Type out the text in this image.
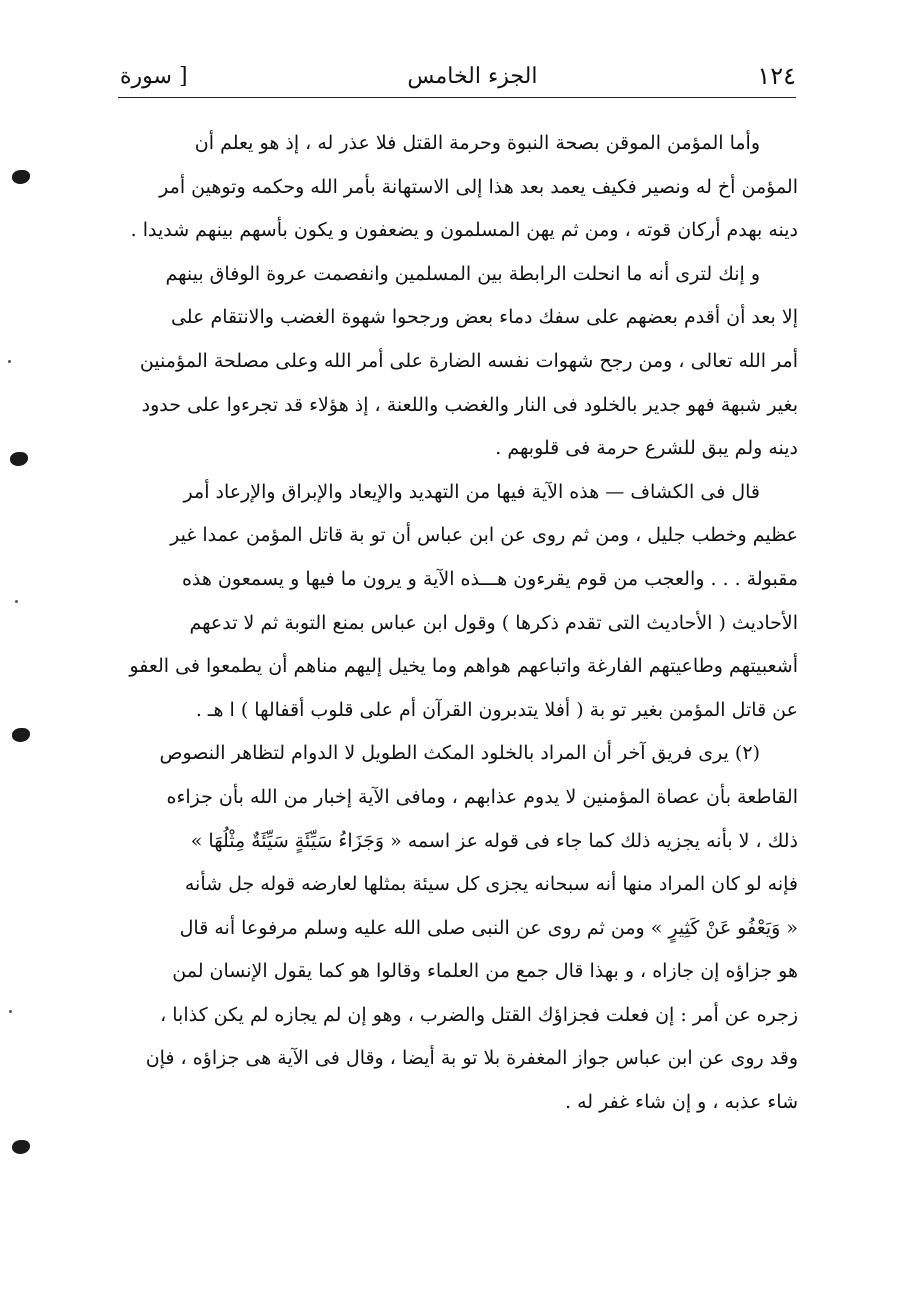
١٢٤
الجزء الخامس
[ سورة
وأما المؤمن الموقن بصحة النبوة وحرمة القتل فلا عذر له ، إذ هو يعلم أن
المؤمن أخ له ونصير فكيف يعمد بعد هذا إلى الاستهانة بأمر الله وحكمه وتوهين أمر
دينه بهدم أركان قوته ، ومن ثم يهن المسلمون و يضعفون و يكون بأسهم بينهم شديدا .
و إنك لترى أنه ما انحلت الرابطة بين المسلمين وانفصمت عروة الوفاق بينهم
إلا بعد أن أقدم بعضهم على سفك دماء بعض ورجحوا شهوة الغضب والانتقام على
أمر الله تعالى ، ومن رجح شهوات نفسه الضارة على أمر الله وعلى مصلحة المؤمنين
بغير شبهة فهو جدير بالخلود فى النار والغضب واللعنة ، إذ هؤلاء قد تجرءوا على حدود
دينه ولم يبق للشرع حرمة فى قلوبهم .
قال فى الكشاف — هذه الآية فيها من التهديد والإيعاد والإبراق والإرعاد أمر
عظيم وخطب جليل ، ومن ثم روى عن ابن عباس أن تو بة قاتل المؤمن عمدا غير
مقبولة . . . والعجب من قوم يقرءون هـــذه الآية و يرون ما فيها و يسمعون هذه
الأحاديث ( الأحاديث التى تقدم ذكرها ) وقول ابن عباس بمنع التوبة ثم لا تدعهم
أشعبيتهم وطاعيتهم الفارغة واتباعهم هواهم وما يخيل إليهم مناهم أن يطمعوا فى العفو
عن قاتل المؤمن بغير تو بة ( أفلا يتدبرون القرآن أم على قلوب أقفالها ) ا هـ .
(٢) يرى فريق آخر أن المراد بالخلود المكث الطويل لا الدوام لتظاهر النصوص
القاطعة بأن عصاة المؤمنين لا يدوم عذابهم ، ومافى الآية إخبار من الله بأن جزاءه
ذلك ، لا بأنه يجزيه ذلك كما جاء فى قوله عز اسمه « وَجَزَاءُ سَيِّئَةٍ سَيِّئَةٌ مِثْلُهَا »
فإنه لو كان المراد منها أنه سبحانه يجزى كل سيئة بمثلها لعارضه قوله جل شأنه
« وَيَعْفُو عَنْ كَثِيرٍ » ومن ثم روى عن النبى صلى الله عليه وسلم مرفوعا أنه قال
هو جزاؤه إن جازاه ، و بهذا قال جمع من العلماء وقالوا هو كما يقول الإنسان لمن
زجره عن أمر : إن فعلت فجزاؤك القتل والضرب ، وهو إن لم يجازه لم يكن كذابا ،
وقد روى عن ابن عباس جواز المغفرة بلا تو بة أيضا ، وقال فى الآية هى جزاؤه ، فإن
شاء عذبه ، و إن شاء غفر له .
